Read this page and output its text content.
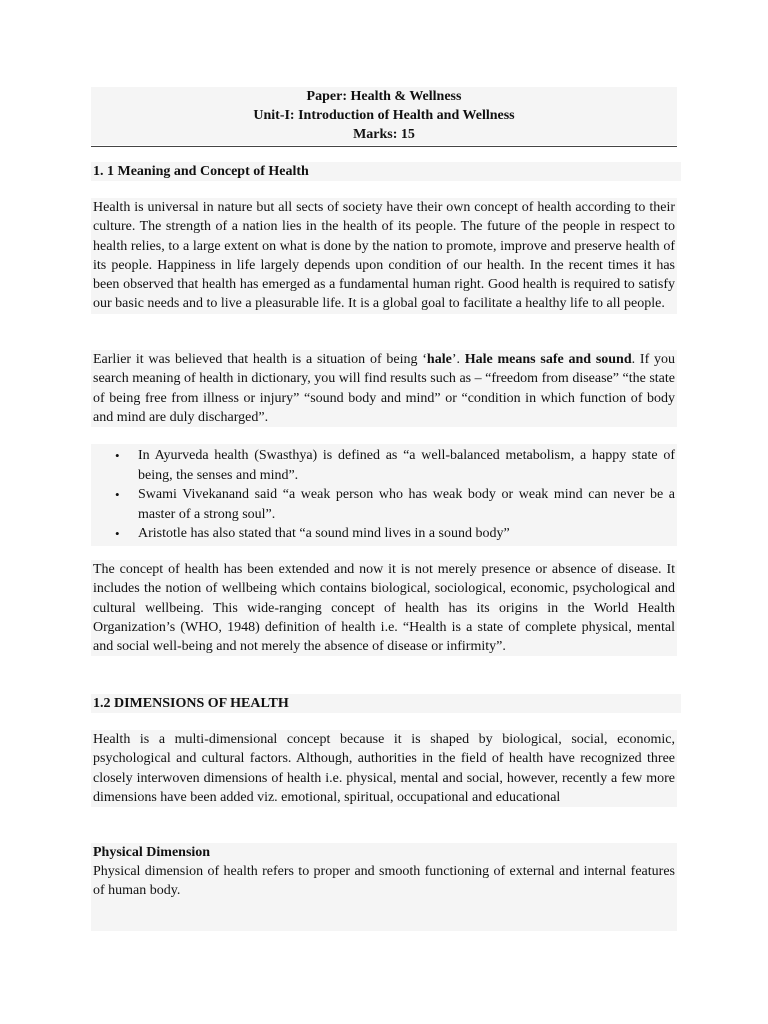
Paper: Health & Wellness
Unit-I: Introduction of Health and Wellness
Marks: 15
1. 1 Meaning and Concept of Health

Health is universal in nature but all sects of society have their own concept of health according to their culture. The strength of a nation lies in the health of its people. The future of the people in respect to health relies, to a large extent on what is done by the nation to promote, improve and preserve health of its people. Happiness in life largely depends upon condition of our health. In the recent times it has been observed that health has emerged as a fundamental human right. Good health is required to satisfy our basic needs and to live a pleasurable life. It is a global goal to facilitate a healthy life to all people.

Earlier it was believed that health is a situation of being ‘hale’. Hale means safe and sound. If you search meaning of health in dictionary, you will find results such as – “freedom from disease” “the state of being free from illness or injury” “sound body and mind” or “condition in which function of body and mind are duly discharged”.

• In Ayurveda health (Swasthya) is defined as “a well-balanced metabolism, a happy state of being, the senses and mind”.
• Swami Vivekanand said “a weak person who has weak body or weak mind can never be a master of a strong soul”.
• Aristotle has also stated that “a sound mind lives in a sound body”

The concept of health has been extended and now it is not merely presence or absence of disease. It includes the notion of wellbeing which contains biological, sociological, economic, psychological and cultural wellbeing. This wide-ranging concept of health has its origins in the World Health Organization’s (WHO, 1948) definition of health i.e. “Health is a state of complete physical, mental and social well-being and not merely the absence of disease or infirmity”.

1.2 DIMENSIONS OF HEALTH

Health is a multi-dimensional concept because it is shaped by biological, social, economic, psychological and cultural factors. Although, authorities in the field of health have recognized three closely interwoven dimensions of health i.e. physical, mental and social, however, recently a few more dimensions have been added viz. emotional, spiritual, occupational and educational

Physical Dimension

Physical dimension of health refers to proper and smooth functioning of external and internal features of human body.
